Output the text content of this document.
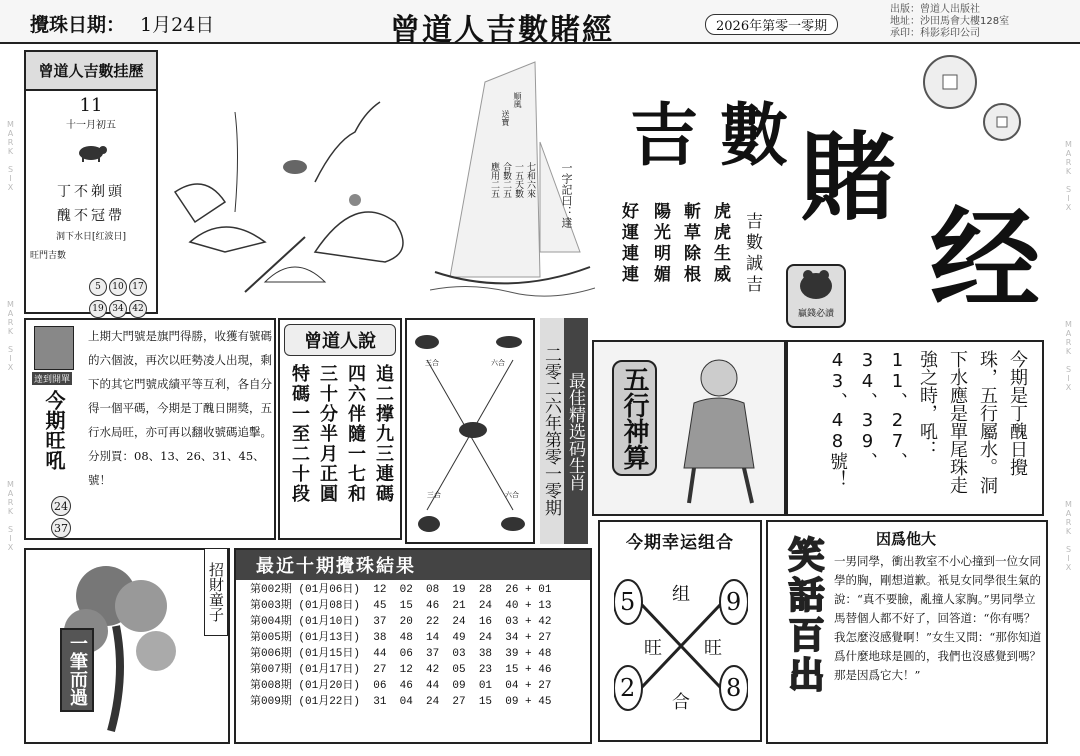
攪珠日期： 1月24日	曾道人吉數賭經	2026年第零一零期
出版：曾道人出版社
地址：沙田馬會大樓128室
承印：科影彩印公司
MARK SIX
MARK SIX
MARK SIX
MARK SIX
MARK SIX
MARK SIX
曾道人吉數挂歷
11
十一月初五
丁不剃頭
醜不冠帶
洞下水日[红波日]
旺門吉數
5 10 17
19 34 42
順風
送寶
七和六來
一五天數
合數二五
應用二五	一字記曰：達
吉 數 賭
经
吉數誠吉
虎虎生威
斬草除根
陽光明媚
好運連連
贏錢必讀
達到開單
今期旺吼
上期大門號是旗門得勝，收獲有號碼的六個波，再次以旺勢凌人出現，剩下的其它門號成績平等互利，各自分得一個平碼，今期是丁醜日開獎，五行水局旺，亦可再以翻收號碼追擊。分別買：08、13、26、31、45、號！
24
37
曾道人說
追二撑九三連碼
四六伴隨一七和
三十分半月正圓
特碼一至二十段
三合	六合
三合	六合 二零二六年第零一零期 最佳精选码生肖 五行神算	今期是丁醜日攪珠，五行屬水。洞下水應是單尾珠走強之時，吼：11、27、34、39、43、48號！
一筆而過
招財童子	最近十期攪珠結果
第002期 (01月06日)  12  02  08  19  28  26 + 01
第003期 (01月08日)  45  15  46  21  24  40 + 13
第004期 (01月10日)  37  20  22  24  16  03 + 42
第005期 (01月13日)  38  48  14  49  24  34 + 27
第006期 (01月15日)  44  06  37  03  38  39 + 48
第007期 (01月17日)  27  12  42  05  23  15 + 46
第008期 (01月20日)  06  46  44  09  01  04 + 27
第009期 (01月22日)  31  04  24  27  15  09 + 45
今期幸运组合
5	9
2	8
组
旺 旺
合
笑話百出	因爲他大
一男同學，衝出教室不小心撞到一位女同學的胸，剛想道歉。衹見女同學很生氣的說：“真不要臉，亂撞人家胸。”男同學立馬替個人都不好了，回答道：“你有嗎？我怎麼沒感覺啊！”女生又問：“那你知道爲什麼地球是圓的，我們也沒感覺到嗎？那是因爲它大！”
